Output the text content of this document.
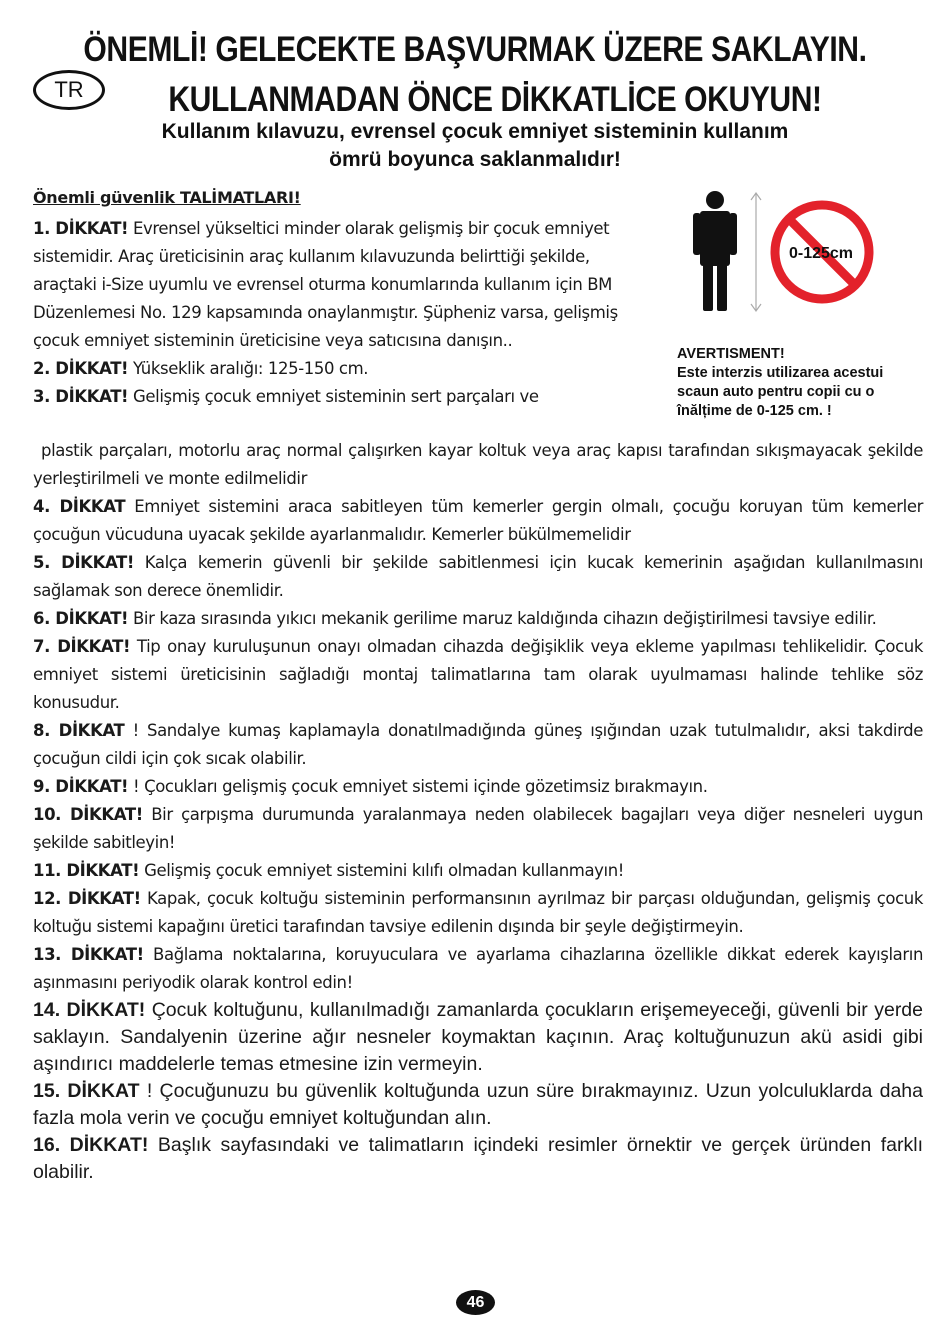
ÖNEMLİ! GELECEKTE BAŞVURMAK ÜZERE SAKLAYIN.
TR	KULLANMADAN ÖNCE DİKKATLİCE OKUYUN!
Kullanım kılavuzu, evrensel çocuk emniyet sisteminin kullanım
ömrü boyunca saklanmalıdır!
Önemli güvenlik TALİMATLARI!
0-125cm
AVERTISMENT!
Este interzis utilizarea acestui
scaun auto pentru copii cu o
înălțime de 0-125 cm. !

1. DİKKAT! Evrensel yükseltici minder olarak gelişmiş bir çocuk emniyet sistemidir. Araç üreticisinin araç kullanım kılavuzunda belirttiği şekilde, araçtaki i-Size uyumlu ve evrensel oturma konumlarında kullanım için BM Düzenlemesi No. 129 kapsamında onaylanmıştır. Şüpheniz varsa, gelişmiş çocuk emniyet sisteminin üreticisine veya satıcısına danışın..

2. DİKKAT! Yükseklik aralığı: 125-150 cm.

3. DİKKAT! Gelişmiş çocuk emniyet sisteminin sert parçaları ve

plastik parçaları, motorlu araç normal çalışırken kayar koltuk veya araç kapısı tarafından sıkışmayacak şekilde yerleştirilmeli ve monte edilmelidir

4. DİKKAT Emniyet sistemini araca sabitleyen tüm kemerler gergin olmalı, çocuğu koruyan tüm kemerler çocuğun vücuduna uyacak şekilde ayarlanmalıdır. Kemerler bükülmemelidir

5. DİKKAT! Kalça kemerin güvenli bir şekilde sabitlenmesi için kucak kemerinin aşağıdan kullanılmasını sağlamak son derece önemlidir.

6. DİKKAT! Bir kaza sırasında yıkıcı mekanik gerilime maruz kaldığında cihazın değiştirilmesi tavsiye edilir.

7. DİKKAT! Tip onay kuruluşunun onayı olmadan cihazda değişiklik veya ekleme yapılması tehlikelidir. Çocuk emniyet sistemi üreticisinin sağladığı montaj talimatlarına tam olarak uyulmaması halinde tehlike söz konusudur.

8. DİKKAT ! Sandalye kumaş kaplamayla donatılmadığında güneş ışığından uzak tutulmalıdır, aksi takdirde çocuğun cildi için çok sıcak olabilir.

9. DİKKAT! ! Çocukları gelişmiş çocuk emniyet sistemi içinde gözetimsiz bırakmayın.

10. DİKKAT! Bir çarpışma durumunda yaralanmaya neden olabilecek bagajları veya diğer nesneleri uygun şekilde sabitleyin!

11. DİKKAT! Gelişmiş çocuk emniyet sistemini kılıfı olmadan kullanmayın!

12. DİKKAT! Kapak, çocuk koltuğu sisteminin performansının ayrılmaz bir parçası olduğundan, gelişmiş çocuk koltuğu sistemi kapağını üretici tarafından tavsiye edilenin dışında bir şeyle değiştirmeyin.

13. DİKKAT! Bağlama noktalarına, koruyuculara ve ayarlama cihazlarına özellikle dikkat ederek kayışların aşınmasını periyodik olarak kontrol edin!

14. DİKKAT! Çocuk koltuğunu, kullanılmadığı zamanlarda çocukların erişemeyeceği, güvenli bir yerde saklayın. Sandalyenin üzerine ağır nesneler koymaktan kaçının. Araç koltuğunuzun akü asidi gibi aşındırıcı maddelerle temas etmesine izin vermeyin.

15. DİKKAT ! Çocuğunuzu bu güvenlik koltuğunda uzun süre bırakmayınız. Uzun yolculuklarda daha fazla mola verin ve çocuğu emniyet koltuğundan alın.

16. DİKKAT! Başlık sayfasındaki ve talimatların içindeki resimler örnektir ve gerçek üründen farklı olabilir.

46
